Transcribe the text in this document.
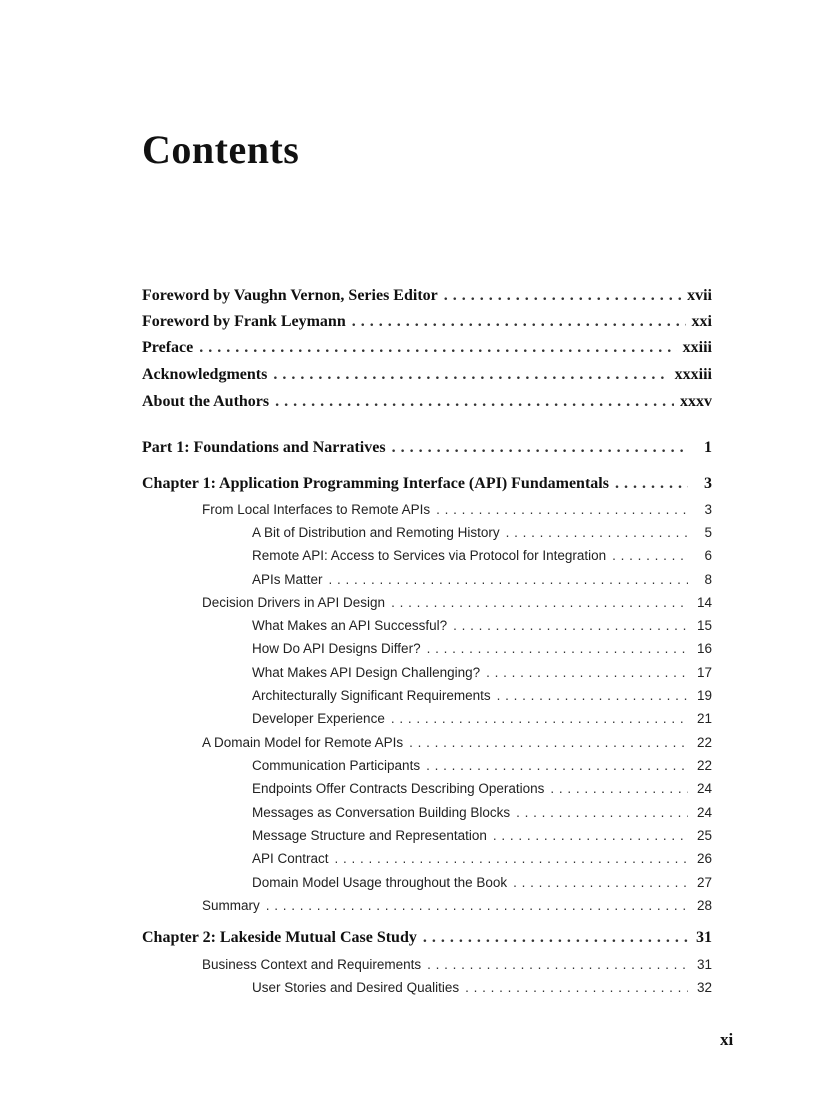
Contents
Foreword by Vaughn Vernon, Series Editor . . .	xvii
Foreword by Frank Leymann . . .	xxi
Preface . . .	xxiii
Acknowledgments . . .	xxxiii
About the Authors . . .	xxxv
Part 1: Foundations and Narratives . . .	1
Chapter 1: Application Programming Interface (API) Fundamentals . . .	3
From Local Interfaces to Remote APIs . . .	3
A Bit of Distribution and Remoting History . . .	5
Remote API: Access to Services via Protocol for Integration . . .	6
APIs Matter . . .	8
Decision Drivers in API Design . . .	14
What Makes an API Successful? . . .	15
How Do API Designs Differ? . . .	16
What Makes API Design Challenging? . . .	17
Architecturally Significant Requirements . . .	19
Developer Experience . . .	21
A Domain Model for Remote APIs . . .	22
Communication Participants . . .	22
Endpoints Offer Contracts Describing Operations . . .	24
Messages as Conversation Building Blocks . . .	24
Message Structure and Representation . . .	25
API Contract . . .	26
Domain Model Usage throughout the Book . . .	27
Summary . . .	28
Chapter 2: Lakeside Mutual Case Study . . .	31
Business Context and Requirements . . .	31
User Stories and Desired Qualities . . .	32
xi
